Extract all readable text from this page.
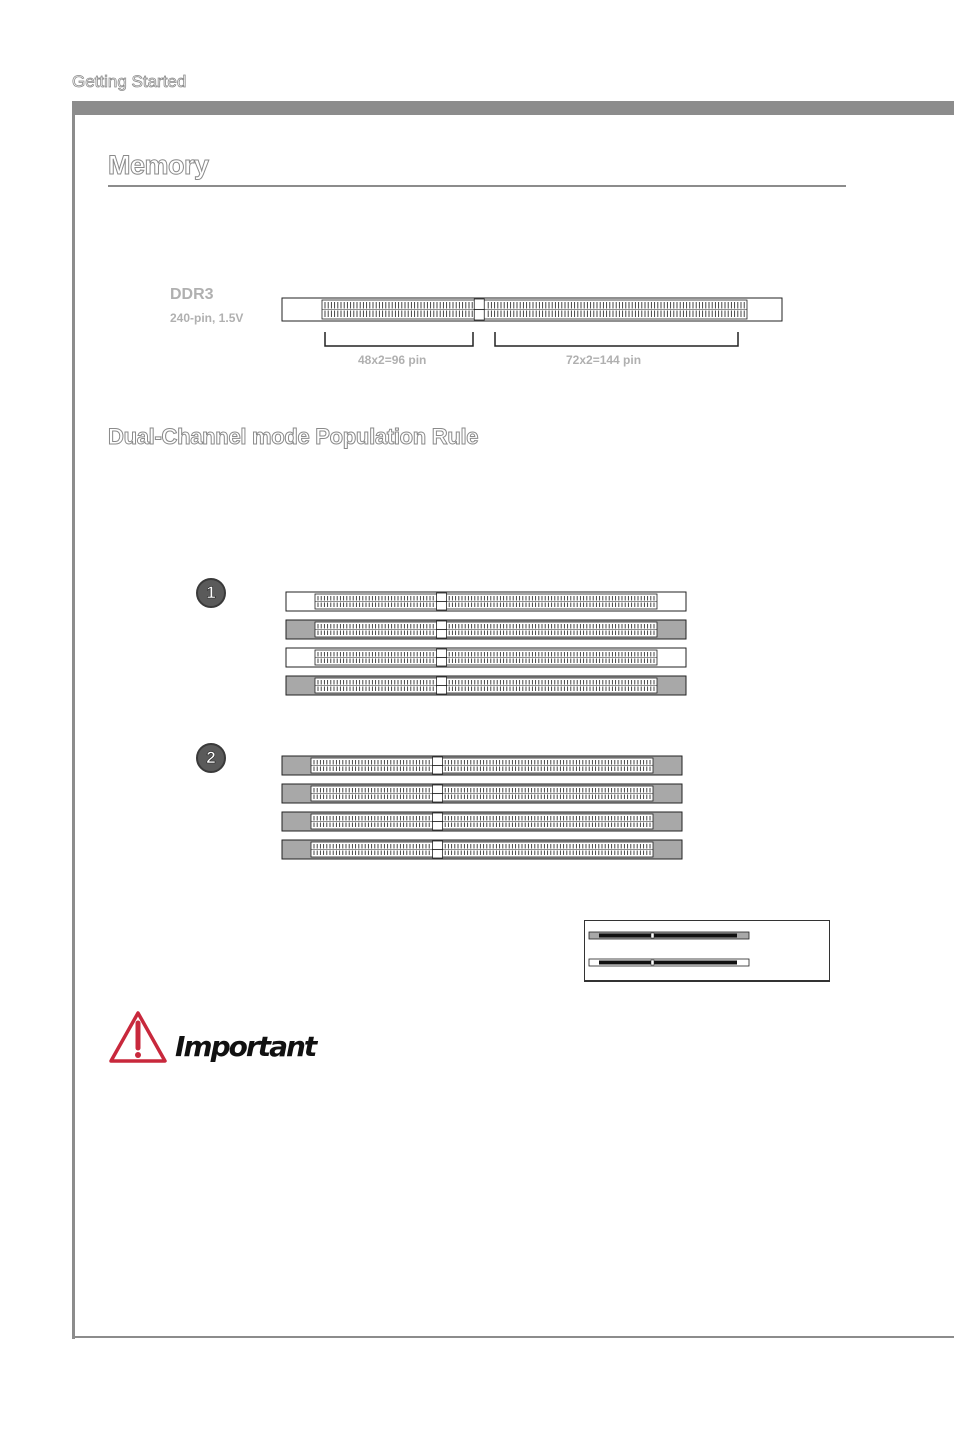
Getting Started
Memory
DDR3
240-pin, 1.5V
48x2=96 pin	72x2=144 pin
Dual-Channel mode Population Rule
1
2
Important
